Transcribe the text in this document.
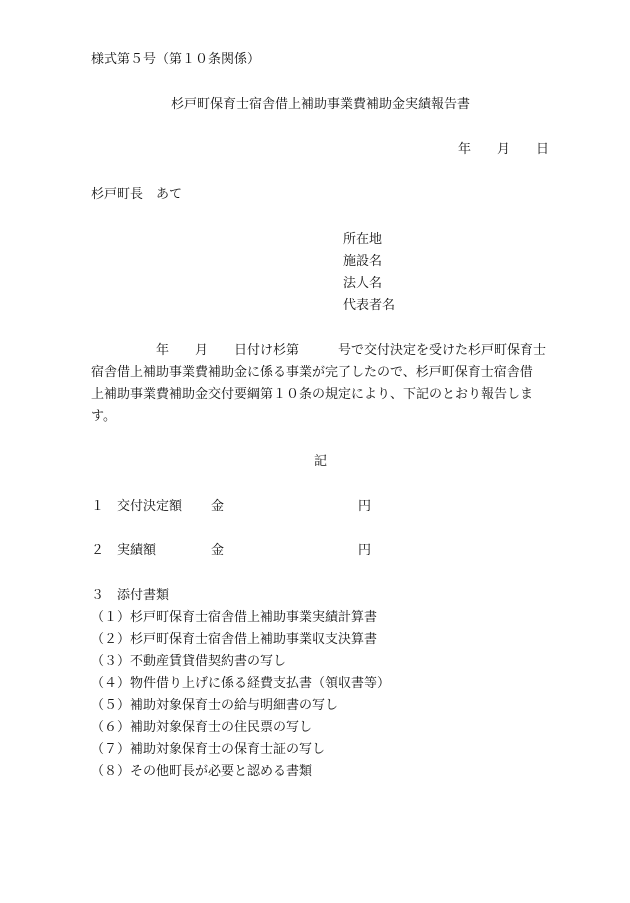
様式第５号（第１０条関係）
杉戸町保育士宿舎借上補助事業費補助金実績報告書
年　　月　　日
杉戸町長　あて
所在地
施設名
法人名
代表者名
　　　　　年　　月　　日付け杉第　　　号で交付決定を受けた杉戸町保育士
宿舎借上補助事業費補助金に係る事業が完了したので、杉戸町保育士宿舎借
上補助事業費補助金交付要綱第１０条の規定により、下記のとおり報告しま
す。
記
１　交付決定額 金	円
２　実績額	金	円
３　添付書類
（１）杉戸町保育士宿舎借上補助事業実績計算書
（２）杉戸町保育士宿舎借上補助事業収支決算書
（３）不動産賃貸借契約書の写し
（４）物件借り上げに係る経費支払書（領収書等）
（５）補助対象保育士の給与明細書の写し
（６）補助対象保育士の住民票の写し
（７）補助対象保育士の保育士証の写し
（８）その他町長が必要と認める書類
